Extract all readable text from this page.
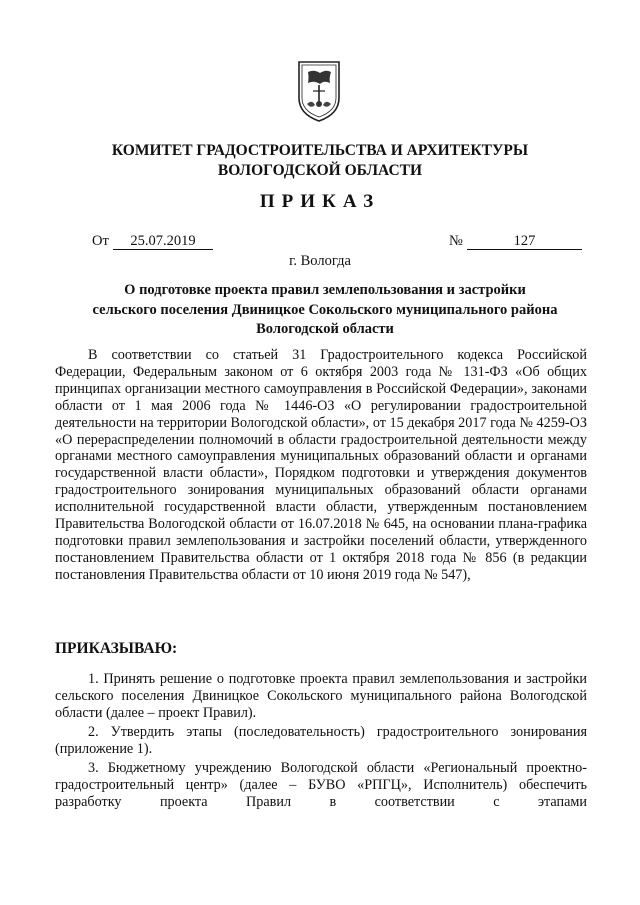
КОМИТЕТ ГРАДОСТРОИТЕЛЬСТВА И АРХИТЕКТУРЫ
ВОЛОГОДСКОЙ ОБЛАСТИ
ПРИКАЗ
От	25.07.2019	№	127
г. Вологда
О подготовке проекта правил землепользования и застройки
сельского поселения Двиницкое Сокольского муниципального района
Вологодской области

В соответствии со статьей 31 Градостроительного кодекса Российской Федерации, Федеральным законом от 6 октября 2003 года № 131-ФЗ «Об общих принципах организации местного самоуправления в Российской Федерации», законами области от 1 мая 2006 года № 1446-ОЗ «О регулировании градостроительной деятельности на территории Вологодской области», от 15 декабря 2017 года № 4259-ОЗ «О перераспределении полномочий в области градостроительной деятельности между органами местного самоуправления муниципальных образований области и органами государственной власти области», Порядком подготовки и утверждения документов градостроительного зонирования муниципальных образований области органами исполнительной государственной власти области, утвержденным постановлением Правительства Вологодской области от 16.07.2018 № 645, на основании плана-графика подготовки правил землепользования и застройки поселений области, утвержденного постановлением Правительства области от 1 октября 2018 года № 856 (в редакции постановления Правительства области от 10 июня 2019 года № 547),

ПРИКАЗЫВАЮ:

1. Принять решение о подготовке проекта правил землепользования и застройки сельского поселения Двиницкое Сокольского муниципального района Вологодской области (далее – проект Правил).

2. Утвердить этапы (последовательность) градостроительного зонирования (приложение 1).

3. Бюджетному учреждению Вологодской области «Региональный проектно-градостроительный центр» (далее – БУВО «РПГЦ», Исполнитель) обеспечить разработку проекта Правил в соответствии с этапами
